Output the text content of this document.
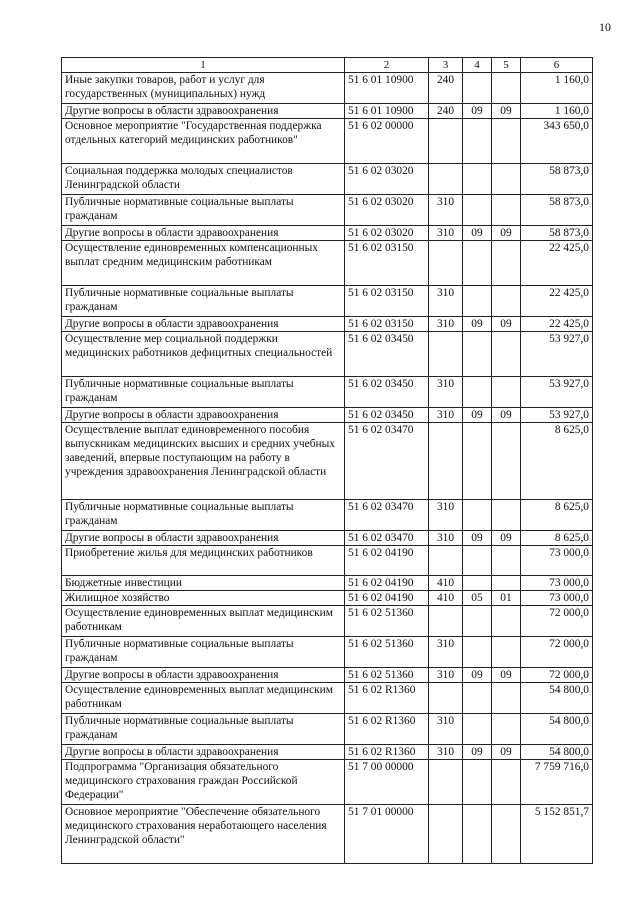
10
1	2	3	4	5	6
Иные закупки товаров, работ и услуг для государственных (муниципальных) нужд	51 6 01 10900	240			1 160,0
Другие вопросы в области здравоохранения	51 6 01 10900	240	09	09	1 160,0
Основное мероприятие "Государственная поддержка отдельных категорий медицинских работников"	51 6 02 00000				343 650,0
Социальная поддержка молодых специалистов Ленинградской области	51 6 02 03020				58 873,0
Публичные нормативные социальные выплаты гражданам	51 6 02 03020	310			58 873,0
Другие вопросы в области здравоохранения	51 6 02 03020	310	09	09	58 873,0
Осуществление единовременных компенсационных выплат средним медицинским работникам	51 6 02 03150				22 425,0
Публичные нормативные социальные выплаты гражданам	51 6 02 03150	310			22 425,0
Другие вопросы в области здравоохранения	51 6 02 03150	310	09	09	22 425,0
Осуществление мер социальной поддержки медицинских работников дефицитных специальностей	51 6 02 03450				53 927,0
Публичные нормативные социальные выплаты гражданам	51 6 02 03450	310			53 927,0
Другие вопросы в области здравоохранения	51 6 02 03450	310	09	09	53 927,0
Осуществление выплат единовременного пособия выпускникам медицинских высших и средних учебных заведений, впервые поступающим на работу в учреждения здравоохранения Ленинградской области	51 6 02 03470				8 625,0
Публичные нормативные социальные выплаты гражданам	51 6 02 03470	310			8 625,0
Другие вопросы в области здравоохранения	51 6 02 03470	310	09	09	8 625,0
Приобретение жилья для медицинских работников	51 6 02 04190				73 000,0
Бюджетные инвестиции	51 6 02 04190	410			73 000,0
Жилищное хозяйство	51 6 02 04190	410	05	01	73 000,0
Осуществление единовременных выплат медицинским работникам	51 6 02 51360				72 000,0
Публичные нормативные социальные выплаты гражданам	51 6 02 51360	310			72 000,0
Другие вопросы в области здравоохранения	51 6 02 51360	310	09	09	72 000,0
Осуществление единовременных выплат медицинским работникам	51 6 02 R1360				54 800,0
Публичные нормативные социальные выплаты гражданам	51 6 02 R1360	310			54 800,0
Другие вопросы в области здравоохранения	51 6 02 R1360	310	09	09	54 800,0
Подпрограмма "Организация обязательного медицинского страхования граждан Российской Федерации"	51 7 00 00000				7 759 716,0
Основное мероприятие "Обеспечение обязательного медицинского страхования неработающего населения Ленинградской области"	51 7 01 00000				5 152 851,7
